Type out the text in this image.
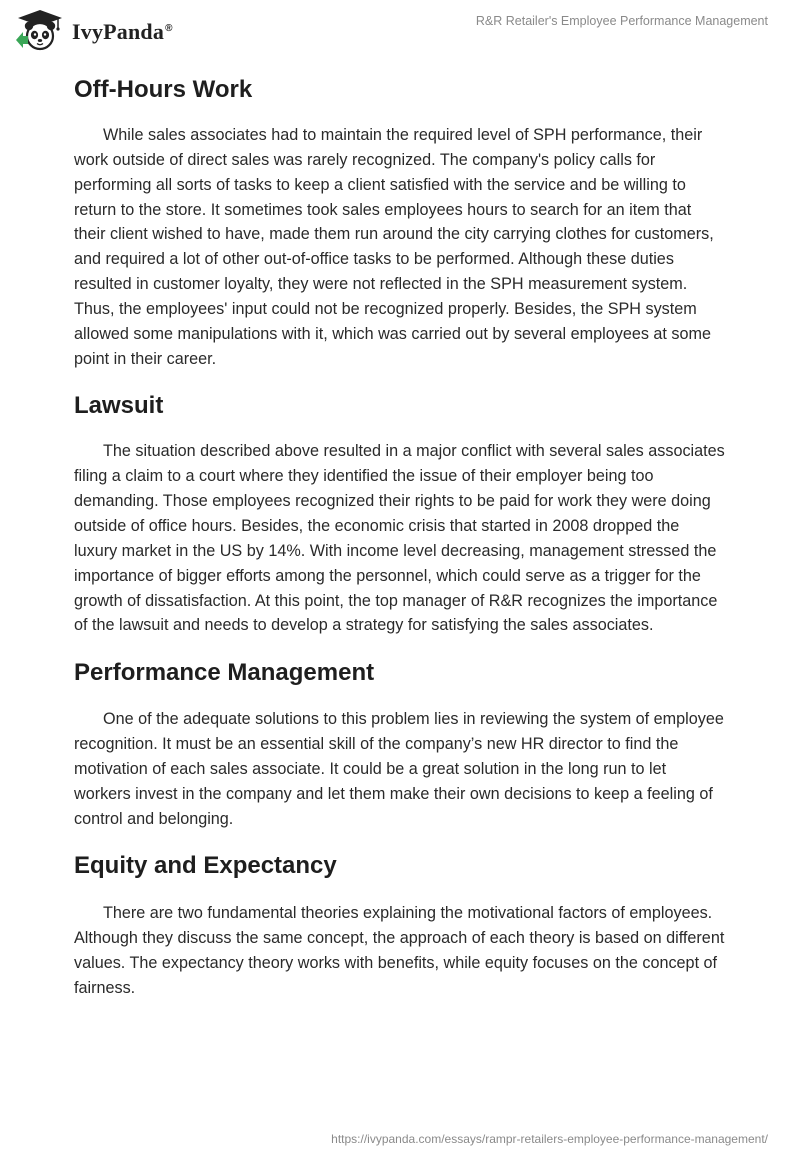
IvyPanda®
R&R Retailer's Employee Performance Management
Off-Hours Work

While sales associates had to maintain the required level of SPH performance, their work outside of direct sales was rarely recognized. The company's policy calls for performing all sorts of tasks to keep a client satisfied with the service and be willing to return to the store. It sometimes took sales employees hours to search for an item that their client wished to have, made them run around the city carrying clothes for customers, and required a lot of other out-of-office tasks to be performed. Although these duties resulted in customer loyalty, they were not reflected in the SPH measurement system. Thus, the employees' input could not be recognized properly. Besides, the SPH system allowed some manipulations with it, which was carried out by several employees at some point in their career.

Lawsuit

The situation described above resulted in a major conflict with several sales associates filing a claim to a court where they identified the issue of their employer being too demanding. Those employees recognized their rights to be paid for work they were doing outside of office hours. Besides, the economic crisis that started in 2008 dropped the luxury market in the US by 14%. With income level decreasing, management stressed the importance of bigger efforts among the personnel, which could serve as a trigger for the growth of dissatisfaction. At this point, the top manager of R&R recognizes the importance of the lawsuit and needs to develop a strategy for satisfying the sales associates.

Performance Management

One of the adequate solutions to this problem lies in reviewing the system of employee recognition. It must be an essential skill of the company’s new HR director to find the motivation of each sales associate. It could be a great solution in the long run to let workers invest in the company and let them make their own decisions to keep a feeling of control and belonging.

Equity and Expectancy

There are two fundamental theories explaining the motivational factors of employees. Although they discuss the same concept, the approach of each theory is based on different values. The expectancy theory works with benefits, while equity focuses on the concept of fairness.

https://ivypanda.com/essays/rampr-retailers-employee-performance-management/
